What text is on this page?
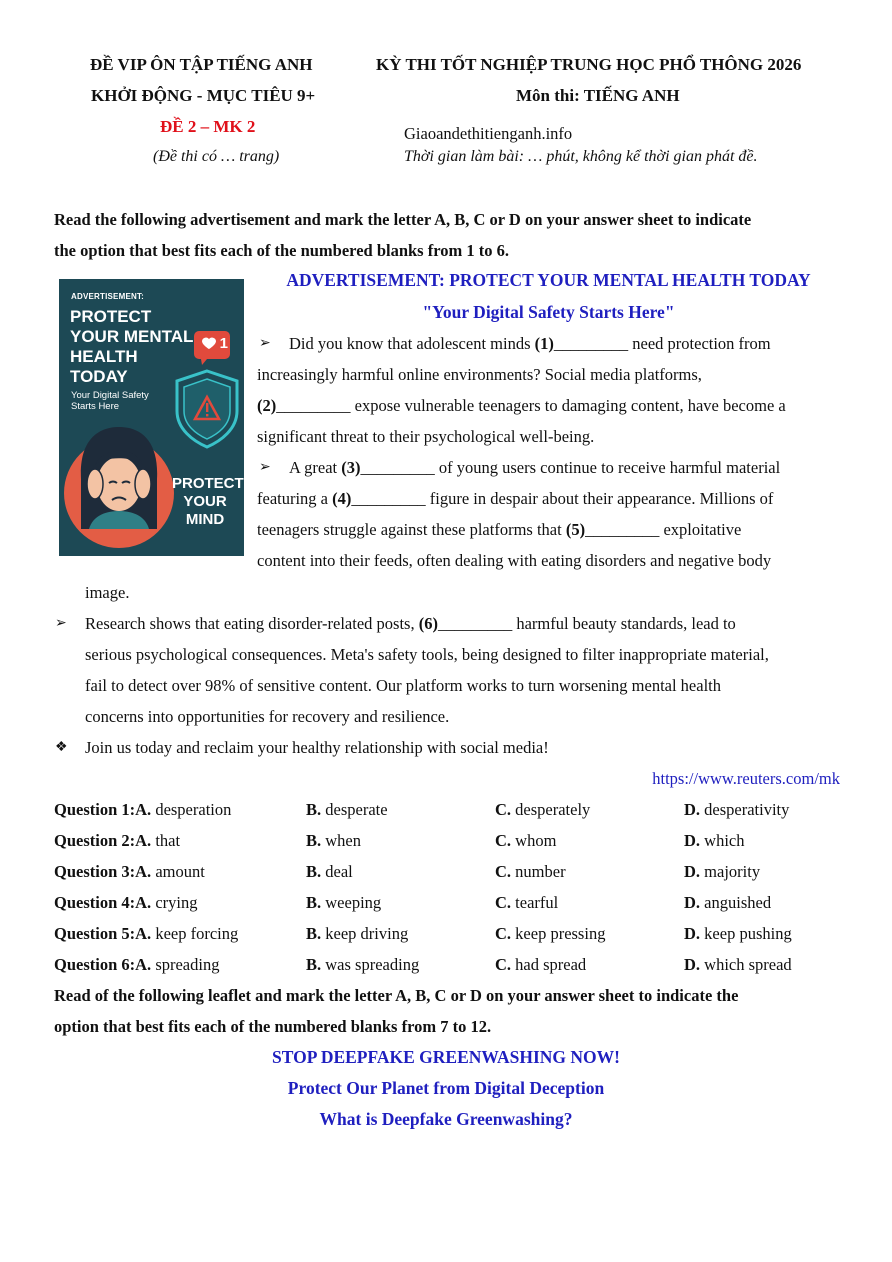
ĐỀ VIP ÔN TẬP TIẾNG ANH
KHỞI ĐỘNG - MỤC TIÊU 9+
ĐỀ 2 – MK 2
(Đề thi có … trang)
KỲ THI TỐT NGHIỆP TRUNG HỌC PHỔ THÔNG 2026
Môn thi: TIẾNG ANH
Giaoandethitienganh.info
Thời gian làm bài: … phút, không kể thời gian phát đề.
Read the following advertisement and mark the letter A, B, C or D on your answer sheet to indicate
the option that best fits each of the numbered blanks from 1 to 6.
ADVERTISEMENT:
PROTECT YOUR MENTAL HEALTH TODAY
Your Digital Safety Starts Here
1
PROTECT YOUR MIND
ADVERTISEMENT: PROTECT YOUR MENTAL HEALTH TODAY
"Your Digital Safety Starts Here"
➢ Did you know that adolescent minds (1)_________ need protection from
increasingly harmful online environments? Social media platforms,
(2)_________ expose vulnerable teenagers to damaging content, have become a
significant threat to their psychological well-being.
➢ A great (3)_________ of young users continue to receive harmful material
featuring a (4)_________ figure in despair about their appearance. Millions of
teenagers struggle against these platforms that (5)_________ exploitative
content into their feeds, often dealing with eating disorders and negative body
image.
➢ Research shows that eating disorder-related posts, (6)_________ harmful beauty standards, lead to
serious psychological consequences. Meta's safety tools, being designed to filter inappropriate material,
fail to detect over 98% of sensitive content. Our platform works to turn worsening mental health
concerns into opportunities for recovery and resilience.
❖ Join us today and reclaim your healthy relationship with social media!
https://www.reuters.com/mk
Question 1:A. desperation	B. desperate	C. desperately	D. desperativity
Question 2:A. that	B. when	C. whom	D. which
Question 3:A. amount	B. deal	C. number	D. majority
Question 4:A. crying	B. weeping	C. tearful	D. anguished
Question 5:A. keep forcing	B. keep driving	C. keep pressing	D. keep pushing
Question 6:A. spreading	B. was spreading	C. had spread	D. which spread
Read of the following leaflet and mark the letter A, B, C or D on your answer sheet to indicate the
option that best fits each of the numbered blanks from 7 to 12.
STOP DEEPFAKE GREENWASHING NOW!
Protect Our Planet from Digital Deception
What is Deepfake Greenwashing?
